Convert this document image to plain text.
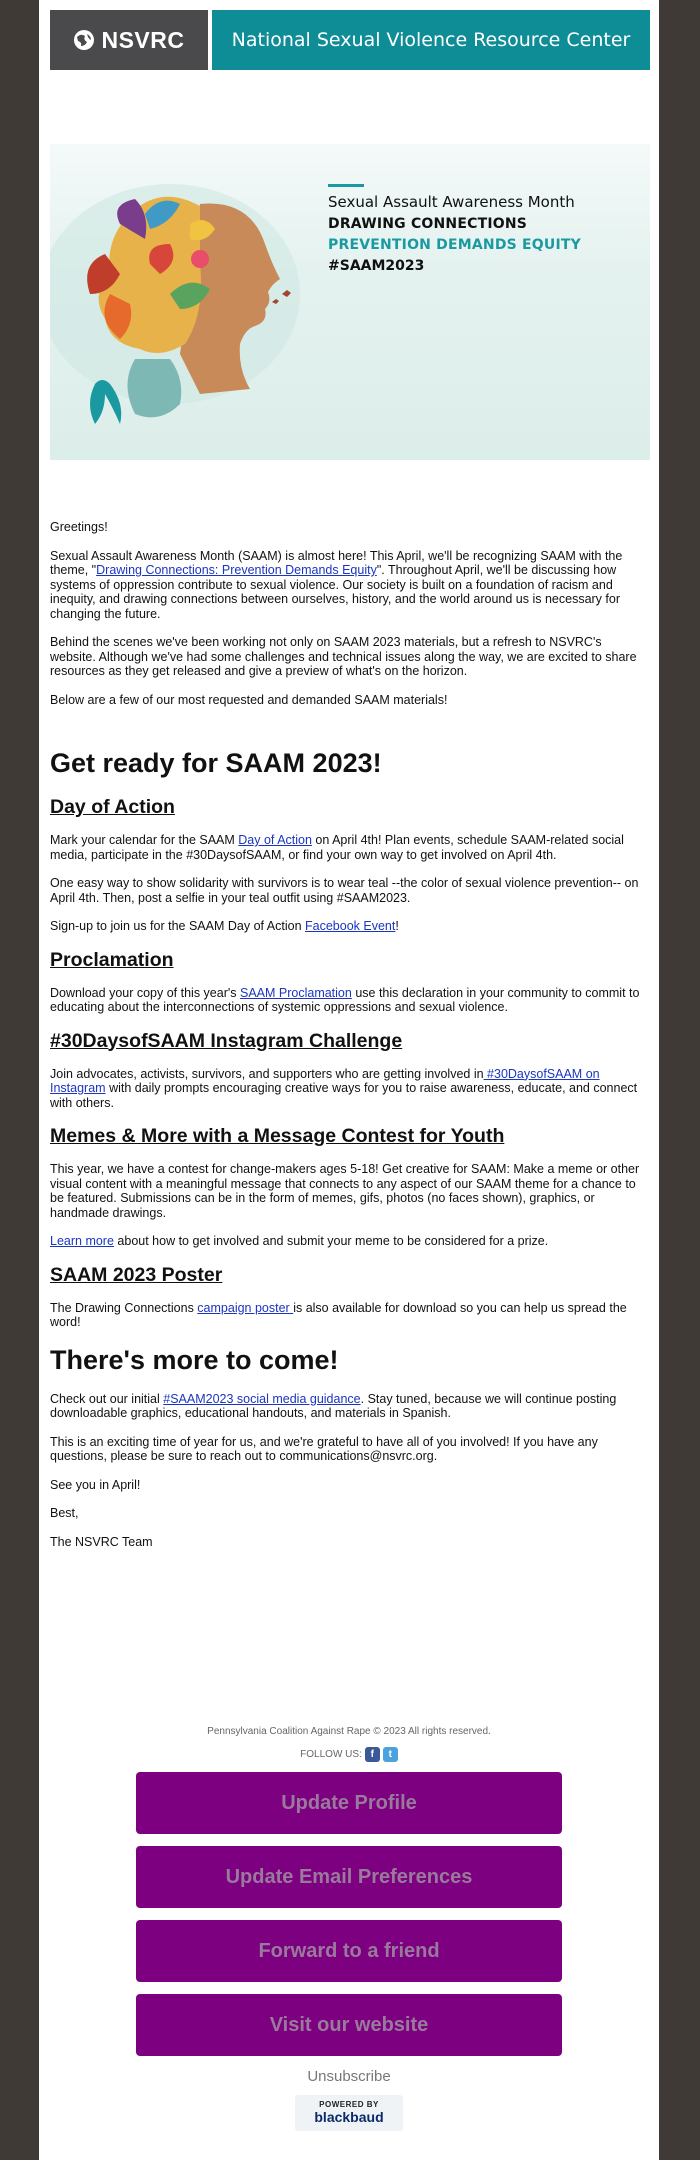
NSVRC	National Sexual Violence Resource Center
Sexual Assault Awareness Month
DRAWING CONNECTIONS
PREVENTION DEMANDS EQUITY
#SAAM2023

Greetings!

Sexual Assault Awareness Month (SAAM) is almost here! This April, we'll be recognizing SAAM with the theme, "Drawing Connections: Prevention Demands Equity". Throughout April, we'll be discussing how systems of oppression contribute to sexual violence. Our society is built on a foundation of racism and inequity, and drawing connections between ourselves, history, and the world around us is necessary for changing the future.

Behind the scenes we've been working not only on SAAM 2023 materials, but a refresh to NSVRC's website. Although we've had some challenges and technical issues along the way, we are excited to share resources as they get released and give a preview of what's on the horizon.

Below are a few of our most requested and demanded SAAM materials!

Get ready for SAAM 2023!
Day of Action

Mark your calendar for the SAAM Day of Action on April 4th! Plan events, schedule SAAM-related social media, participate in the #30DaysofSAAM, or find your own way to get involved on April 4th.

One easy way to show solidarity with survivors is to wear teal --the color of sexual violence prevention-- on April 4th. Then, post a selfie in your teal outfit using #SAAM2023.

Sign-up to join us for the SAAM Day of Action Facebook Event!

Proclamation

Download your copy of this year's SAAM Proclamation use this declaration in your community to commit to educating about the interconnections of systemic oppressions and sexual violence.

#30DaysofSAAM Instagram Challenge

Join advocates, activists, survivors, and supporters who are getting involved in #30DaysofSAAM on Instagram with daily prompts encouraging creative ways for you to raise awareness, educate, and connect with others.

Memes & More with a Message Contest for Youth

This year, we have a contest for change-makers ages 5-18! Get creative for SAAM: Make a meme or other visual content with a meaningful message that connects to any aspect of our SAAM theme for a chance to be featured. Submissions can be in the form of memes, gifs, photos (no faces shown), graphics, or handmade drawings.

Learn more about how to get involved and submit your meme to be considered for a prize.

SAAM 2023 Poster

The Drawing Connections campaign poster is also available for download so you can help us spread the word!

There's more to come!

Check out our initial #SAAM2023 social media guidance. Stay tuned, because we will continue posting downloadable graphics, educational handouts, and materials in Spanish.

This is an exciting time of year for us, and we're grateful to have all of you involved! If you have any questions, please be sure to reach out to communications@nsvrc.org.

See you in April!

Best,

The NSVRC Team

Pennsylvania Coalition Against Rape © 2023 All rights reserved.
FOLLOW US: f	t
Update Profile
Update Email Preferences
Forward to a friend
Visit our website
Unsubscribe
POWERED BY
blackbaud
